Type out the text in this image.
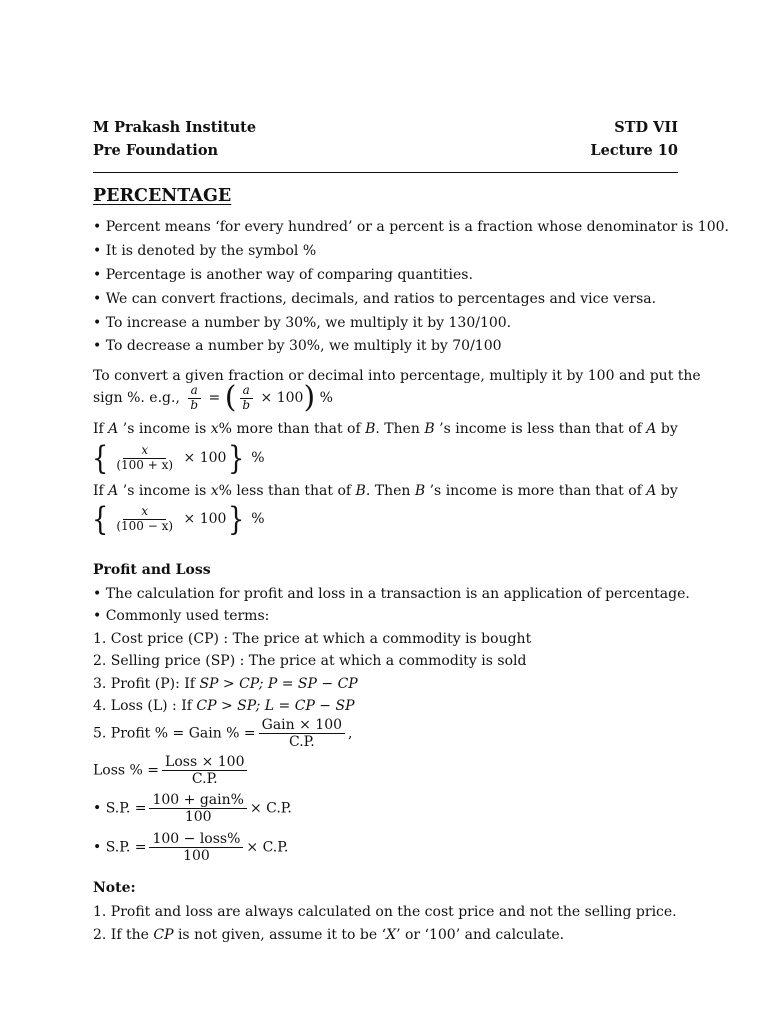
M Prakash Institute
Pre Foundation
STD VII
Lecture 10
PERCENTAGE
• Percent means ‘for every hundred’ or a percent is a fraction whose denominator is 100.
• It is denoted by the symbol %
• Percentage is another way of comparing quantities.
• We can convert fractions, decimals, and ratios to percentages and vice versa.
• To increase a number by 30%, we multiply it by 130/100.
• To decrease a number by 30%, we multiply it by 70/100
To convert a given fraction or decimal into percentage, multiply it by 100 and put the
sign %. e.g., $\frac{a}{b}$ = ( $\frac{a}{b} \times 100$) %
If A ’s income is x% more than that of B. Then B ’s income is less than that of A by
{ $\frac{x}{(100 + x)} \times 100$} %
If A ’s income is x% less than that of B. Then B ’s income is more than that of A by
{ $\frac{x}{(100 - x)} \times 100$} %
Profit and Loss
• The calculation for profit and loss in a transaction is an application of percentage.
• Commonly used terms:
1. Cost price (CP) : The price at which a commodity is bought
2. Selling price (SP) : The price at which a commodity is sold
3. Profit (P): If SP > CP; P = SP − CP
4. Loss (L) : If CP > SP; L = CP − SP
5. Profit % = Gain % = $\frac{\text{Gain × 100}}{C.P.}$ ,
Loss % = $\frac{\text{Loss × 100}}{C.P.}$
• S.P. = $\frac{\text{100 + gain\%}}{100} \times C.P$.
• S.P. = $\frac{\text{100 − loss\%}}{100} \times C.P$.
Note:
1. Profit and loss are always calculated on the cost price and not the selling price.
2. If the CP is not given, assume it to be ‘X’ or ‘100’ and calculate.
